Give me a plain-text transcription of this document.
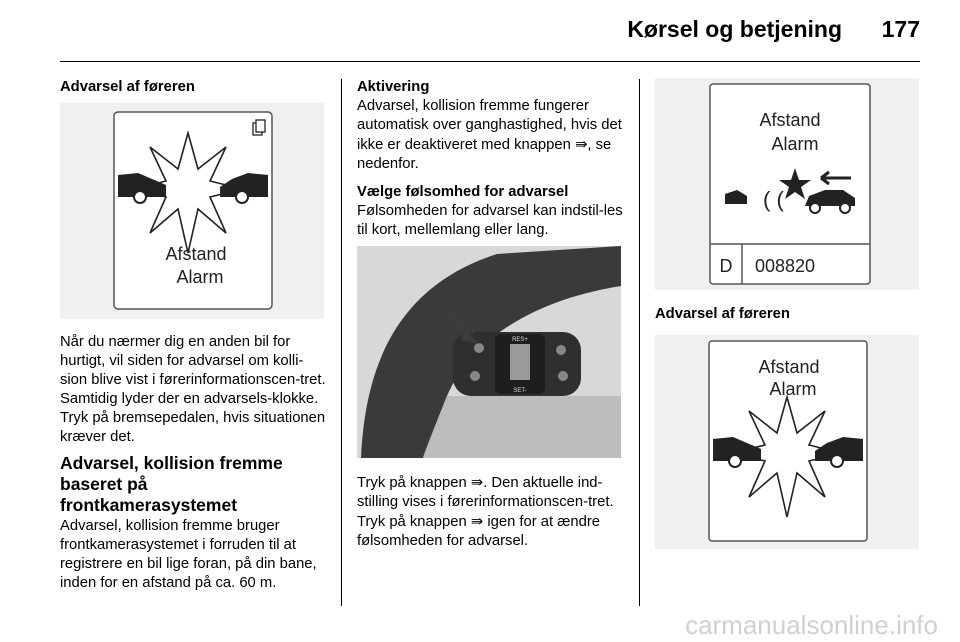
Kørsel og betjening 177
Advarsel af føreren
Afstand
Alarm
Når du nærmer dig en anden bil for hurtigt, vil siden for advarsel om kolli-sion blive vist i førerinformationscen-tret. Samtidig lyder der en advarsels-klokke. Tryk på bremsepedalen, hvis situationen kræver det.
Advarsel, kollision fremme baseret på frontkamerasystemet
Advarsel, kollision fremme bruger frontkamerasystemet i forruden til at registrere en bil lige foran, på din bane, inden for en afstand på ca. 60 m.
Aktivering
Advarsel, kollision fremme fungerer automatisk over ganghastighed, hvis det ikke er deaktiveret med knappen ⇛, se nedenfor.
Vælge følsomhed for advarsel
Følsomheden for advarsel kan indstil-les til kort, mellemlang eller lang.
RES+
SET-
Tryk på knappen ⇛. Den aktuelle ind-stilling vises i førerinformationscen-tret. Tryk på knappen ⇛ igen for at ændre følsomheden for advarsel.
Afstand
Alarm
( (
D 008820
Advarsel af føreren
Afstand
Alarm
carmanualsonline.info
